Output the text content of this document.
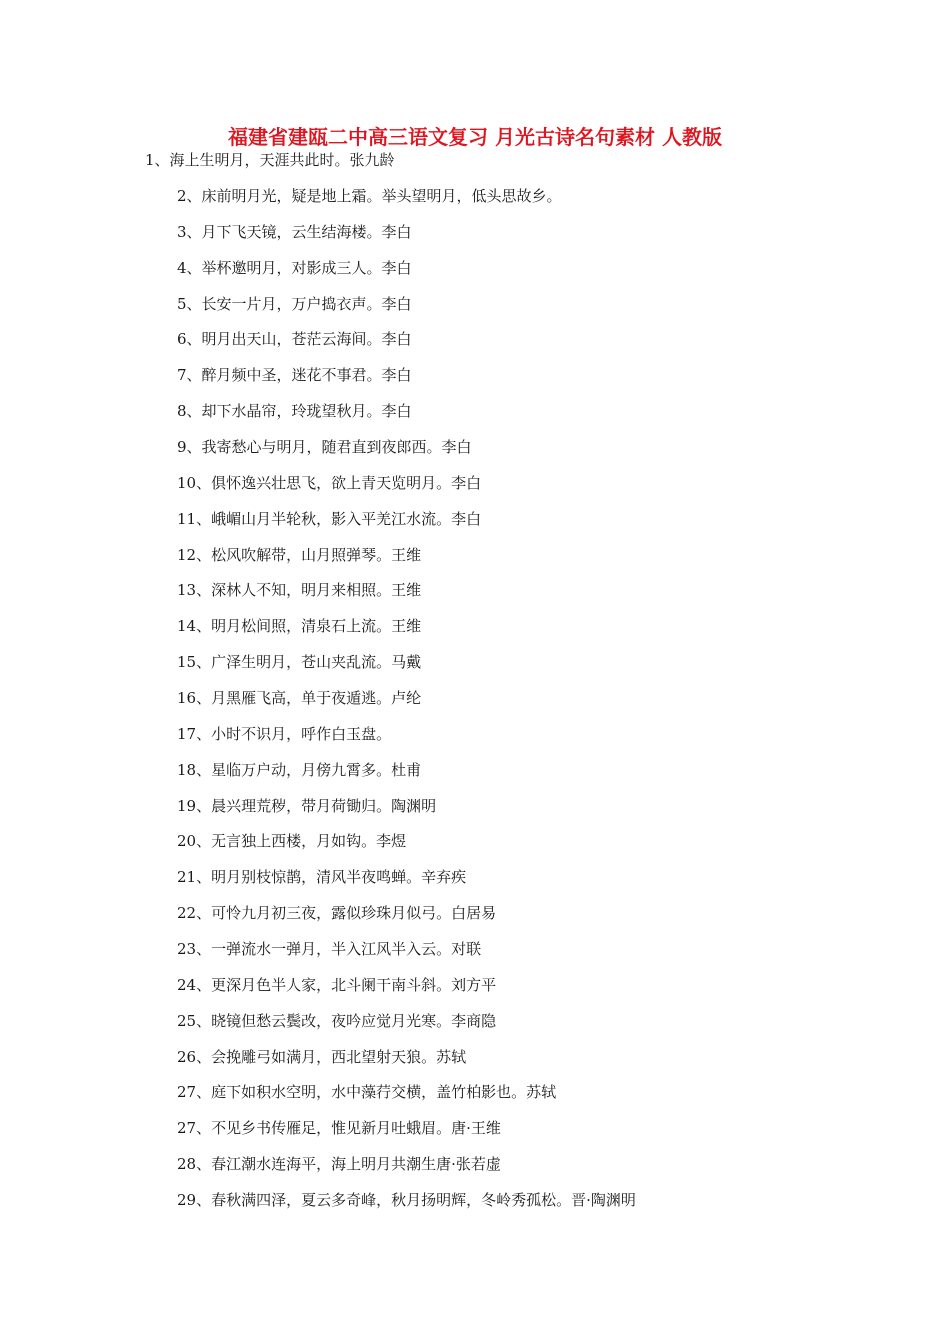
福建省建瓯二中高三语文复习 月光古诗名句素材 人教版
1、海上生明月，天涯共此时。张九龄
2、床前明月光，疑是地上霜。举头望明月，低头思故乡。
3、月下飞天镜，云生结海楼。李白
4、举杯邀明月，对影成三人。李白
5、长安一片月，万户捣衣声。李白
6、明月出天山，苍茫云海间。李白
7、醉月频中圣，迷花不事君。李白
8、却下水晶帘，玲珑望秋月。李白
9、我寄愁心与明月，随君直到夜郎西。李白
10、俱怀逸兴壮思飞，欲上青天览明月。李白
11、峨嵋山月半轮秋，影入平羌江水流。李白
12、松风吹解带，山月照弹琴。王维
13、深林人不知，明月来相照。王维
14、明月松间照，清泉石上流。王维
15、广泽生明月，苍山夹乱流。马戴
16、月黑雁飞高，单于夜遁逃。卢纶
17、小时不识月，呼作白玉盘。
18、星临万户动，月傍九霄多。杜甫
19、晨兴理荒秽，带月荷锄归。陶渊明
20、无言独上西楼，月如钩。李煜
21、明月别枝惊鹊，清风半夜鸣蝉。辛弃疾
22、可怜九月初三夜，露似珍珠月似弓。白居易
23、一弹流水一弹月，半入江风半入云。对联
24、更深月色半人家，北斗阑干南斗斜。刘方平
25、晓镜但愁云鬓改，夜吟应觉月光寒。李商隐
26、会挽雕弓如满月，西北望射天狼。苏轼
27、庭下如积水空明，水中藻荇交横，盖竹柏影也。苏轼
27、不见乡书传雁足，惟见新月吐蛾眉。唐·王维
28、春江潮水连海平，海上明月共潮生唐·张若虚
29、春秋满四泽，夏云多奇峰，秋月扬明辉，冬岭秀孤松。晋·陶渊明
